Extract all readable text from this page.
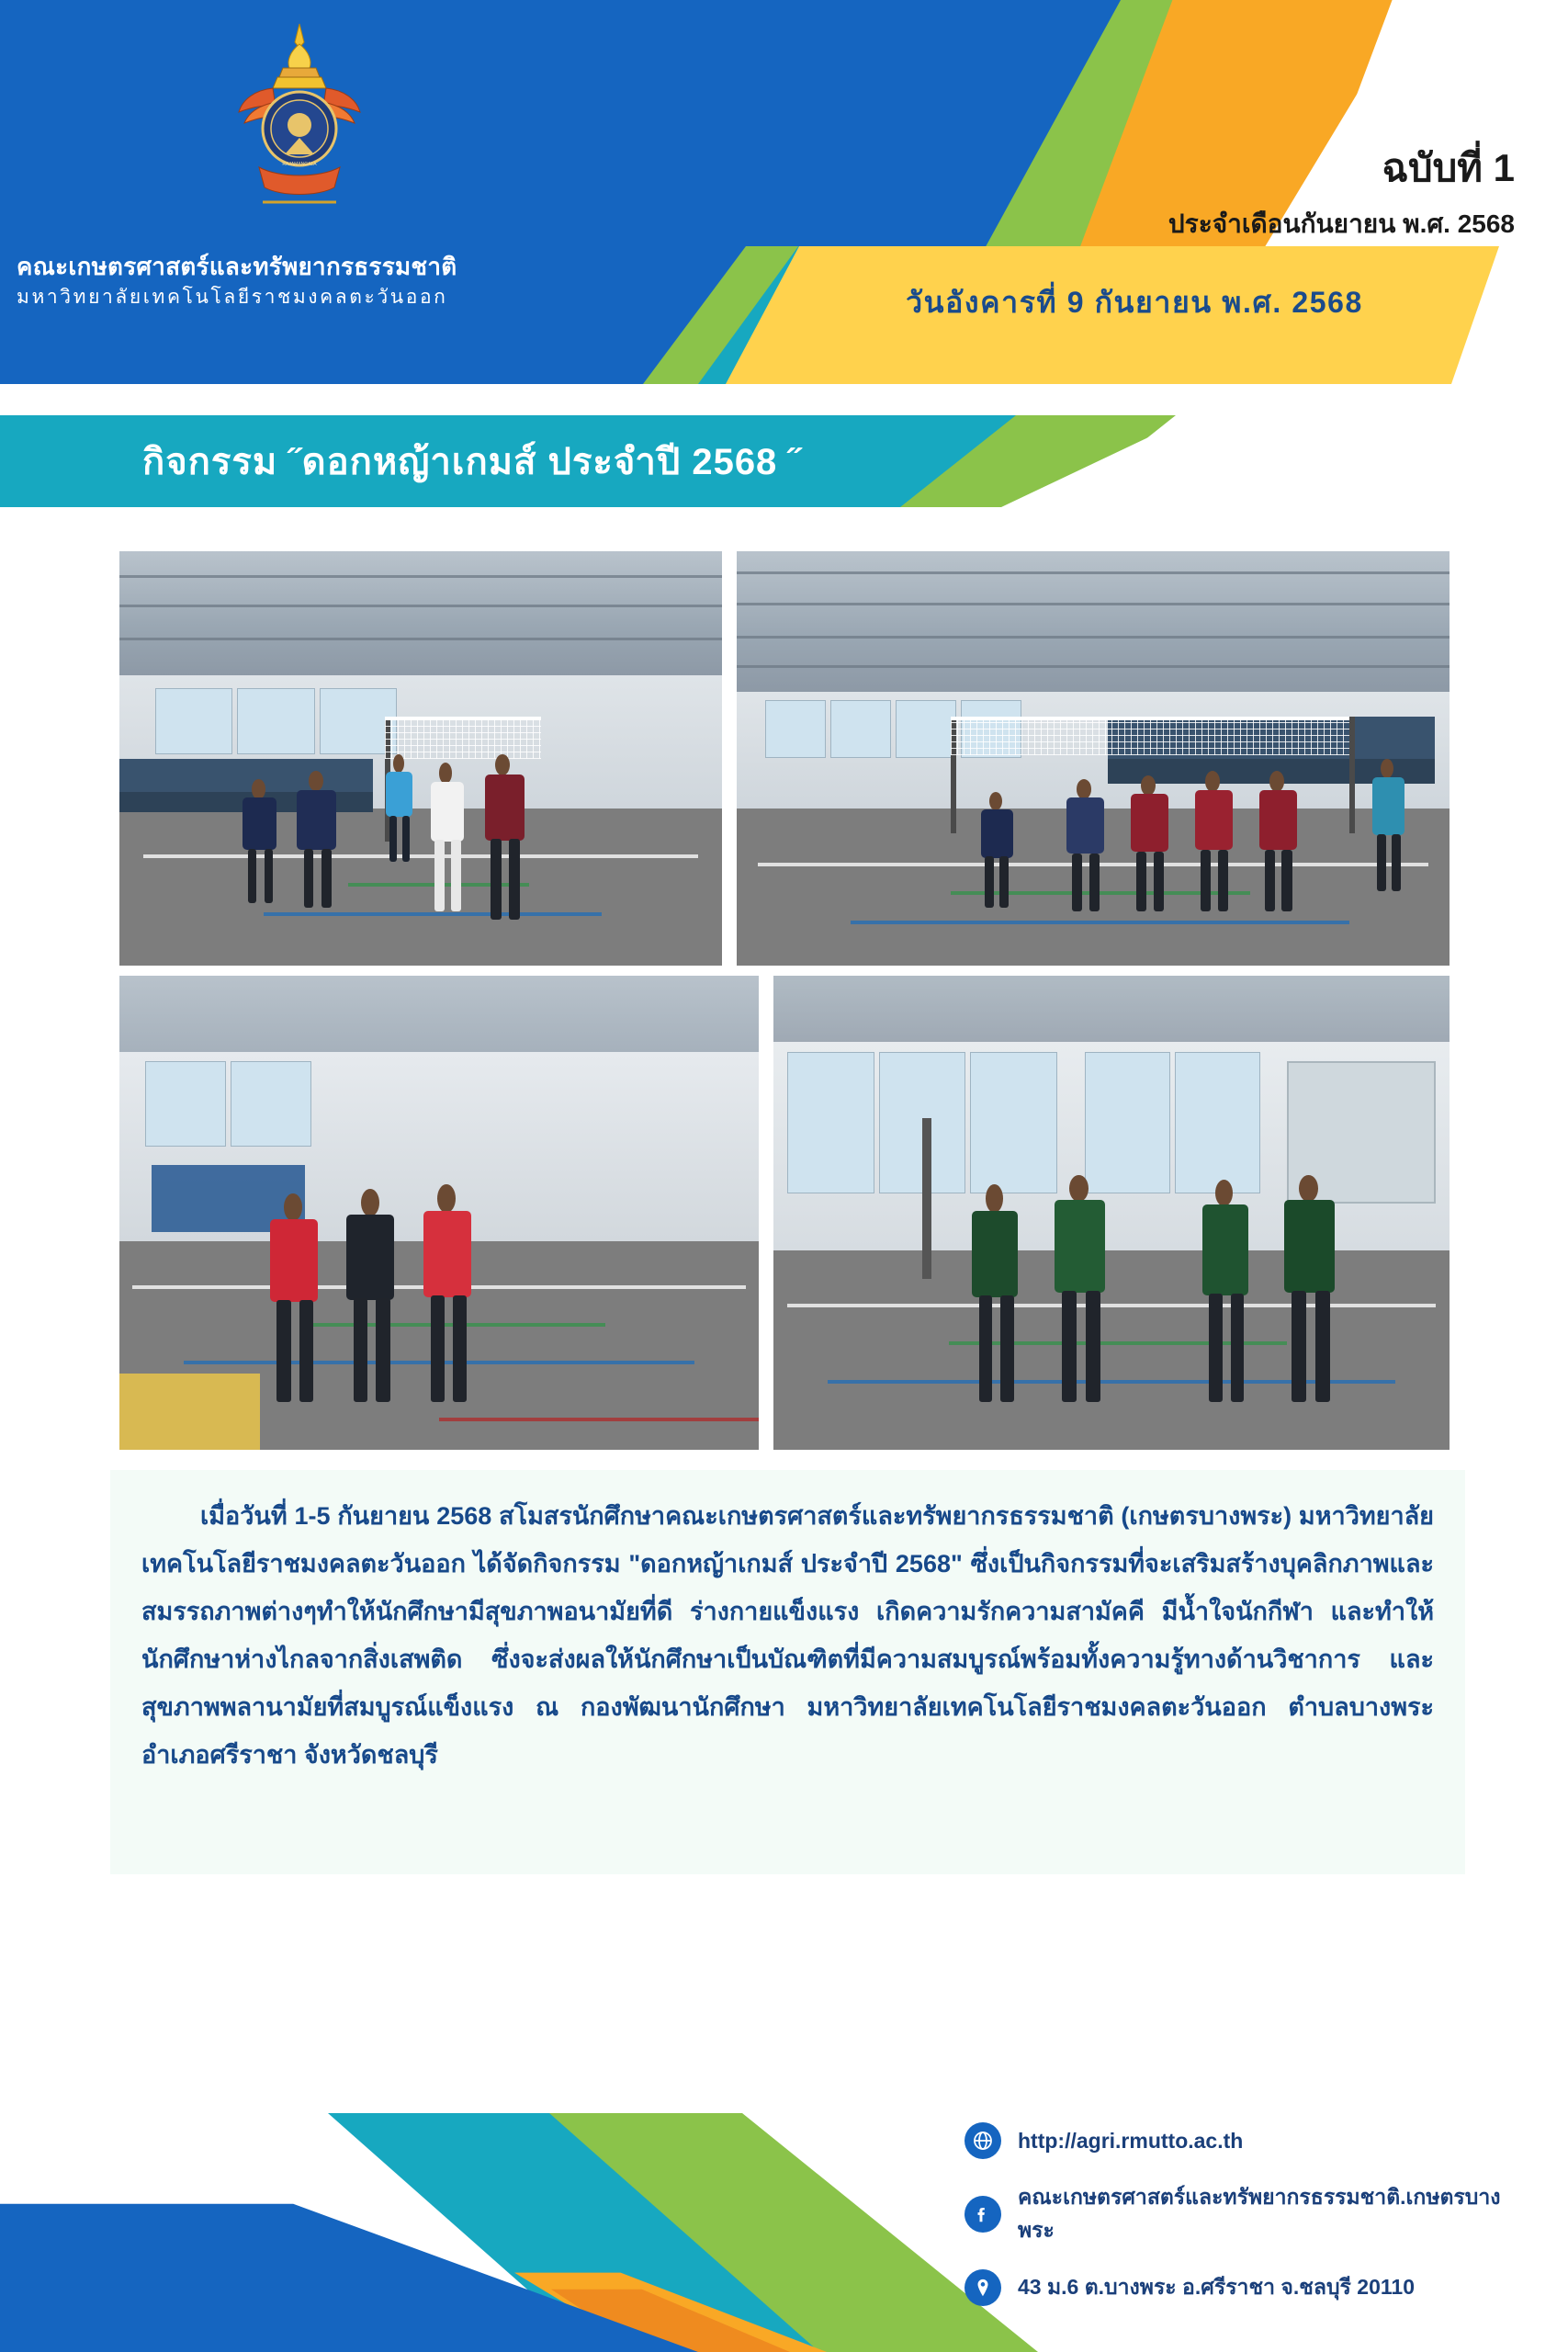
RAJAMANGALA
คณะเกษตรศาสตร์และทรัพยากรธรรมชาติ
มหาวิทยาลัยเทคโนโลยีราชมงคลตะวันออก
ฉบับที่ 1
ประจำเดือนกันยายน พ.ศ. 2568
วันอังคารที่ 9 กันยายน พ.ศ. 2568
กิจกรรม ˝ดอกหญ้าเกมส์ ประจำปี 2568 ˝
เมื่อวันที่ 1-5 กันยายน 2568 สโมสรนักศึกษาคณะเกษตรศาสตร์และทรัพยากรธรรมชาติ (เกษตรบางพระ) มหาวิทยาลัยเทคโนโลยีราชมงคลตะวันออก ได้จัดกิจกรรม "ดอกหญ้าเกมส์ ประจำปี 2568" ซึ่งเป็นกิจกรรมที่จะเสริมสร้างบุคลิกภาพและสมรรถภาพต่างๆทำให้นักศึกษามีสุขภาพอนามัยที่ดี ร่างกายแข็งแรง เกิดความรักความสามัคคี มีน้ำใจนักกีฬา และทำให้นักศึกษาห่างไกลจากสิ่งเสพติด ซึ่งจะส่งผลให้นักศึกษาเป็นบัณฑิตที่มีความสมบูรณ์พร้อมทั้งความรู้ทางด้านวิชาการ และสุขภาพพลานามัยที่สมบูรณ์แข็งแรง ณ กองพัฒนานักศึกษา มหาวิทยาลัยเทคโนโลยีราชมงคลตะวันออก ตำบลบางพระ อำเภอศรีราชา จังหวัดชลบุรี
http://agri.rmutto.ac.th
คณะเกษตรศาสตร์และทรัพยากรธรรมชาติ.เกษตรบางพระ
43 ม.6 ต.บางพระ อ.ศรีราชา จ.ชลบุรี 20110
